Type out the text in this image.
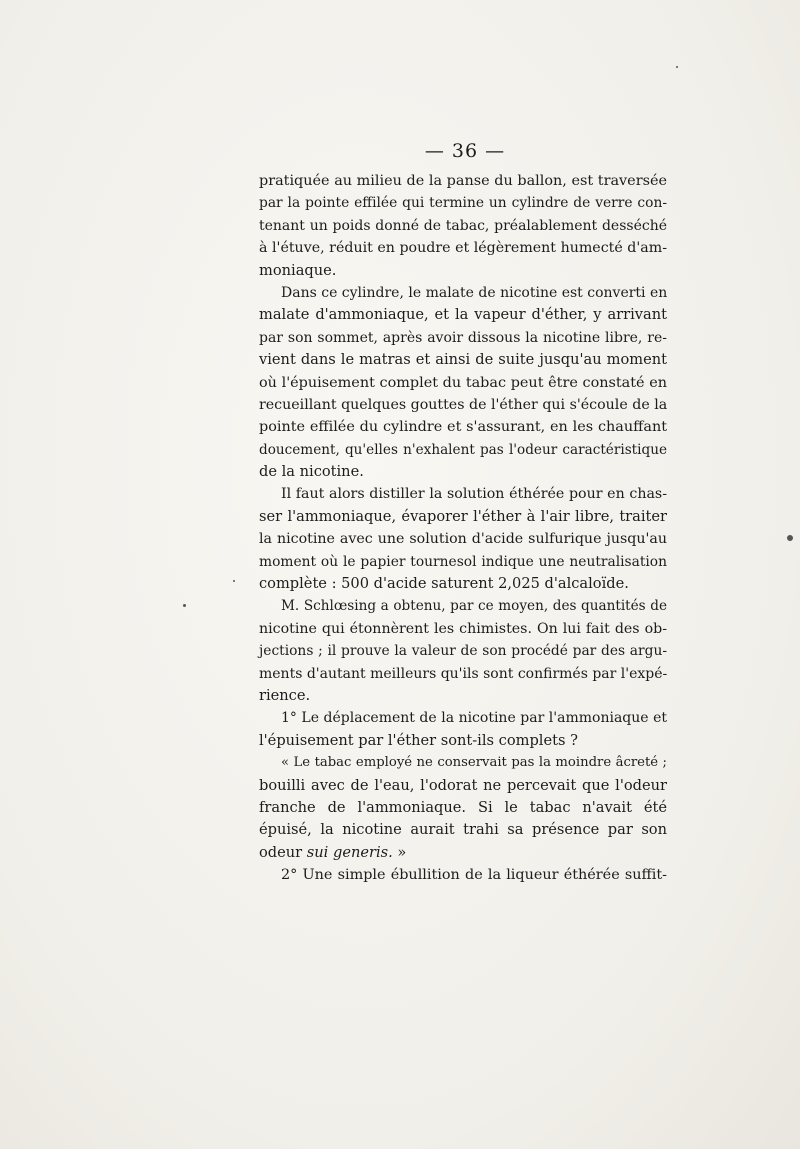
— 36 —
pratiquée au milieu de la panse du ballon, est traversée
par la pointe effilée qui termine un cylindre de verre con-
tenant un poids donné de tabac, préalablement desséché
à l'étuve, réduit en poudre et légèrement humecté d'am-
moniaque.
Dans ce cylindre, le malate de nicotine est converti en
malate d'ammoniaque, et la vapeur d'éther, y arrivant
par son sommet, après avoir dissous la nicotine libre, re-
vient dans le matras et ainsi de suite jusqu'au moment
où l'épuisement complet du tabac peut être constaté en
recueillant quelques gouttes de l'éther qui s'écoule de la
pointe effilée du cylindre et s'assurant, en les chauffant
doucement, qu'elles n'exhalent pas l'odeur caractéristique
de la nicotine.
Il faut alors distiller la solution éthérée pour en chas-
ser l'ammoniaque, évaporer l'éther à l'air libre, traiter
la nicotine avec une solution d'acide sulfurique jusqu'au
moment où le papier tournesol indique une neutralisation
complète : 500 d'acide saturent 2,025 d'alcaloïde.
M. Schlœsing a obtenu, par ce moyen, des quantités de
nicotine qui étonnèrent les chimistes. On lui fait des ob-
jections ; il prouve la valeur de son procédé par des argu-
ments d'autant meilleurs qu'ils sont confirmés par l'expé-
rience.
1° Le déplacement de la nicotine par l'ammoniaque et
l'épuisement par l'éther sont-ils complets ?
« Le tabac employé ne conservait pas la moindre âcreté ;
bouilli avec de l'eau, l'odorat ne percevait que l'odeur
franche de l'ammoniaque. Si le tabac n'avait été
épuisé, la nicotine aurait trahi sa présence par son
odeur sui generis. »
2° Une simple ébullition de la liqueur éthérée suffit-
